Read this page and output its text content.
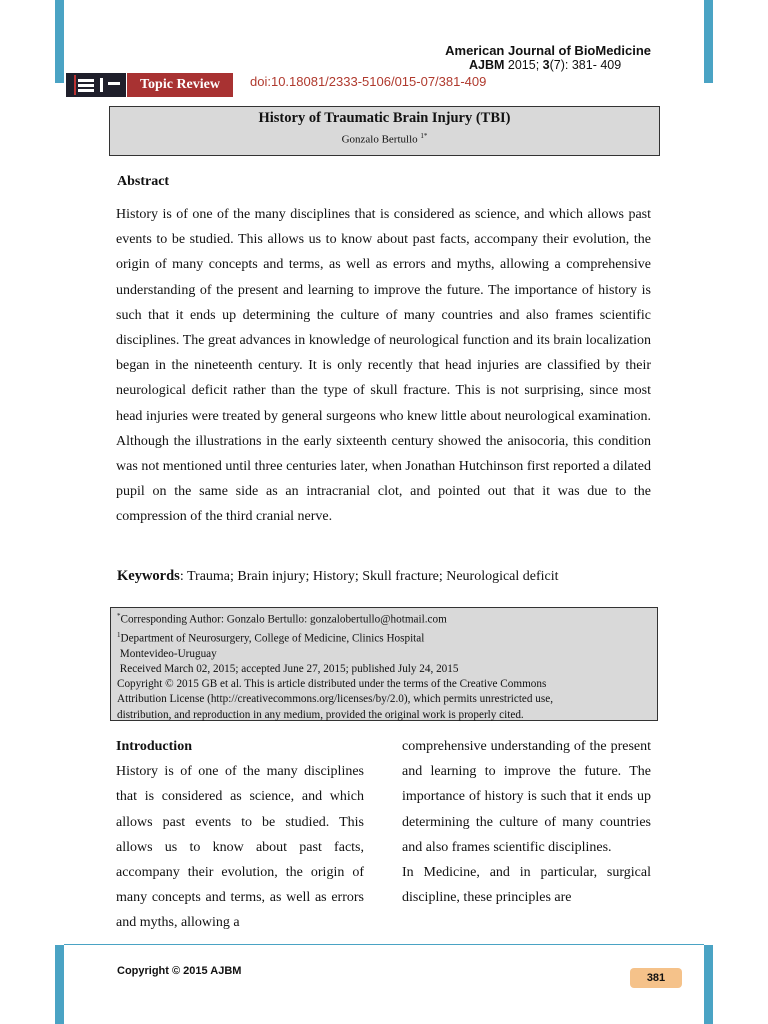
American Journal of BioMedicine
AJBM 2015; 3(7): 381- 409
Topic Review	doi:10.18081/2333-5106/015-07/381-409
History of Traumatic Brain Injury (TBI)
Gonzalo Bertullo $^{1*}$
Abstract

History is of one of the many disciplines that is considered as science, and which allows past events to be studied. This allows us to know about past facts, accompany their evolution, the origin of many concepts and terms, as well as errors and myths, allowing a comprehensive understanding of the present and learning to improve the future. The importance of history is such that it ends up determining the culture of many countries and also frames scientific disciplines. The great advances in knowledge of neurological function and its brain localization began in the nineteenth century. It is only recently that head injuries are classified by their neurological deficit rather than the type of skull fracture. This is not surprising, since most head injuries were treated by general surgeons who knew little about neurological examination. Although the illustrations in the early sixteenth century showed the anisocoria, this condition was not mentioned until three centuries later, when Jonathan Hutchinson first reported a dilated pupil on the same side as an intracranial clot, and pointed out that it was due to the compression of the third cranial nerve.

Keywords: Trauma; Brain injury; History; Skull fracture; Neurological deficit
*Corresponding Author: Gonzalo Bertullo: gonzalobertullo@hotmail.com
$^1$Department of Neurosurgery, College of Medicine, Clinics Hospital
Montevideo-Uruguay
Received March 02, 2015; accepted June 27, 2015; published July 24, 2015
Copyright © 2015 GB et al. This is article distributed under the terms of the Creative Commons
Attribution License (http://creativecommons.org/licenses/by/2.0), which permits unrestricted use,
distribution, and reproduction in any medium, provided the original work is properly cited.
Introduction

History is of one of the many disciplines that is considered as science, and which allows past events to be studied. This allows us to know about past facts, accompany their evolution, the origin of many concepts and terms, as well as errors and myths, allowing a

comprehensive understanding of the present and learning to improve the future. The importance of history is such that it ends up determining the culture of many countries and also frames scientific disciplines.

In Medicine, and in particular, surgical discipline, these principles are

Copyright © 2015 AJBM
381
